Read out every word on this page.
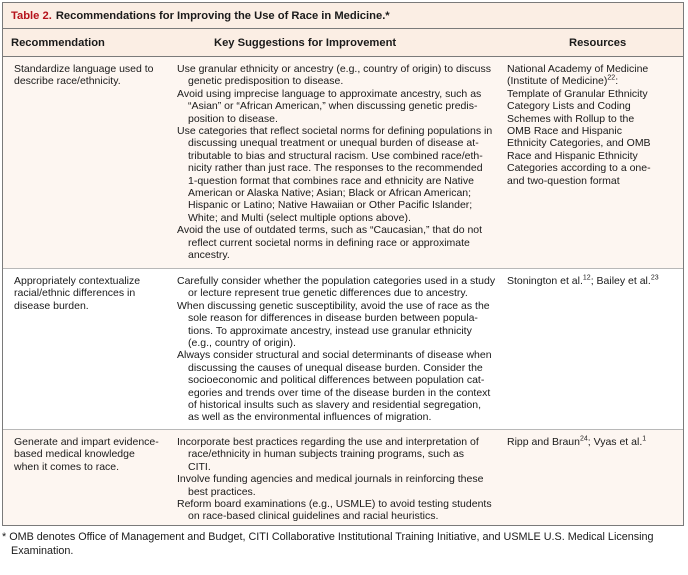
Table 2. Recommendations for Improving the Use of Race in Medicine.*
Recommendation	Key Suggestions for Improvement	Resources
Standardize language used to
describe race/ethnicity.
Use granular ethnicity or ancestry (e.g., country of origin) to discuss
genetic predisposition to disease.
Avoid using imprecise language to approximate ancestry, such as
“Asian” or “African American,” when discussing genetic predis-
position to disease.
Use categories that reflect societal norms for defining populations in
discussing unequal treatment or unequal burden of disease at-
tributable to bias and structural racism. Use combined race/eth-
nicity rather than just race. The responses to the recommended
1-question format that combines race and ethnicity are Native
American or Alaska Native; Asian; Black or African American;
Hispanic or Latino; Native Hawaiian or Other Pacific Islander;
White; and Multi (select multiple options above).
Avoid the use of outdated terms, such as “Caucasian,” that do not
reflect current societal norms in defining race or approximate
ancestry.
National Academy of Medicine
(Institute of Medicine)$^{22}$:
Template of Granular Ethnicity
Category Lists and Coding
Schemes with Rollup to the
OMB Race and Hispanic
Ethnicity Categories, and OMB
Race and Hispanic Ethnicity
Categories according to a one-
and two-question format
Appropriately contextualize
racial/ethnic differences in
disease burden.
Carefully consider whether the population categories used in a study
or lecture represent true genetic differences due to ancestry.
When discussing genetic susceptibility, avoid the use of race as the
sole reason for differences in disease burden between popula-
tions. To approximate ancestry, instead use granular ethnicity
(e.g., country of origin).
Always consider structural and social determinants of disease when
discussing the causes of unequal disease burden. Consider the
socioeconomic and political differences between population cat-
egories and trends over time of the disease burden in the context
of historical insults such as slavery and residential segregation,
as well as the environmental influences of migration.
Stonington et al.$^{12}$; Bailey et al.$^{23}$
Generate and impart evidence-
based medical knowledge
when it comes to race.
Incorporate best practices regarding the use and interpretation of
race/ethnicity in human subjects training programs, such as
CITI.
Involve funding agencies and medical journals in reinforcing these
best practices.
Reform board examinations (e.g., USMLE) to avoid testing students
on race-based clinical guidelines and racial heuristics.
Ripp and Braun$^{24}$; Vyas et al.$^1$
* OMB denotes Office of Management and Budget, CITI Collaborative Institutional Training Initiative, and USMLE U.S. Medical Licensing
Examination.
